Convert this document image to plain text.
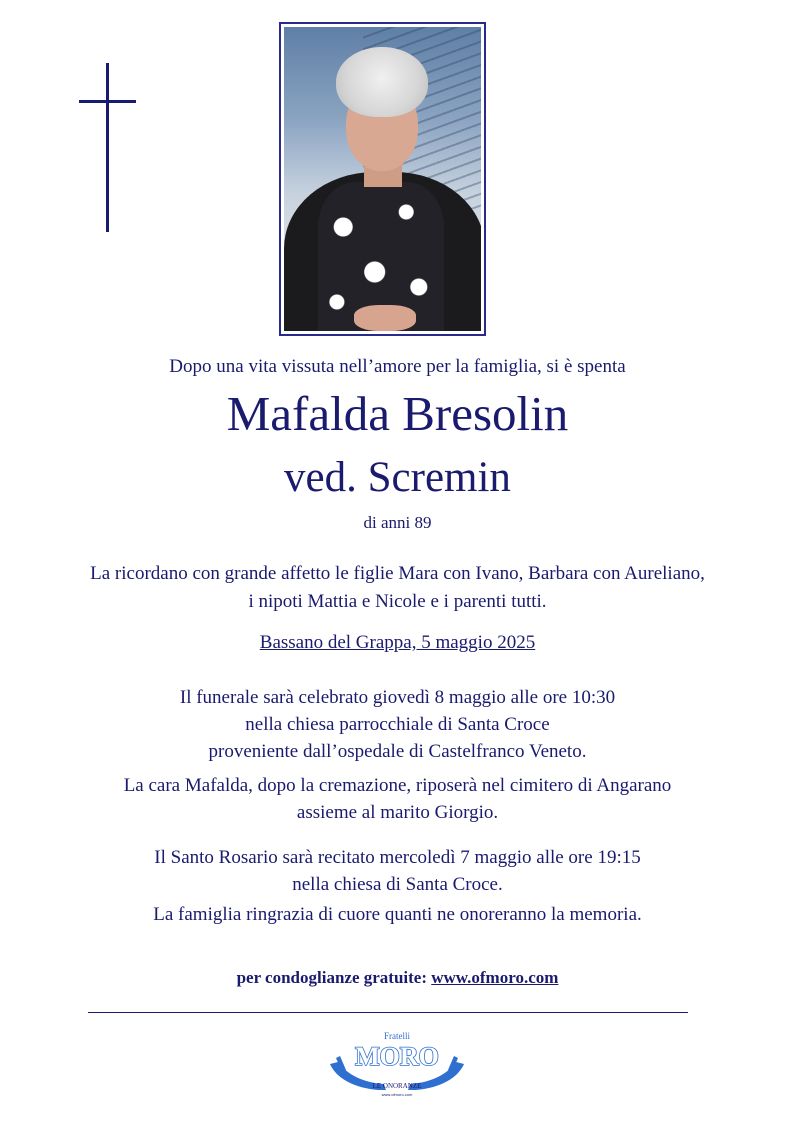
Dopo una vita vissuta nell’amore per la famiglia, si è spenta
Mafalda Bresolin
ved. Scremin
di anni 89
La ricordano con grande affetto le figlie Mara con Ivano, Barbara con Aureliano,
i nipoti Mattia e Nicole e i parenti tutti.
Bassano del Grappa, 5 maggio 2025
Il funerale sarà celebrato giovedì 8 maggio alle ore 10:30
nella chiesa parrocchiale di Santa Croce
proveniente dall’ospedale di Castelfranco Veneto.
La cara Mafalda, dopo la cremazione, riposerà nel cimitero di Angarano
assieme al marito Giorgio.
Il Santo Rosario sarà recitato mercoledì 7 maggio alle ore 19:15
nella chiesa di Santa Croce.
La famiglia ringrazia di cuore quanti ne onoreranno la memoria.
per condoglianze gratuite: www.ofmoro.com
Fratelli
MORO
LE ONORANZE
www.ofmoro.com
